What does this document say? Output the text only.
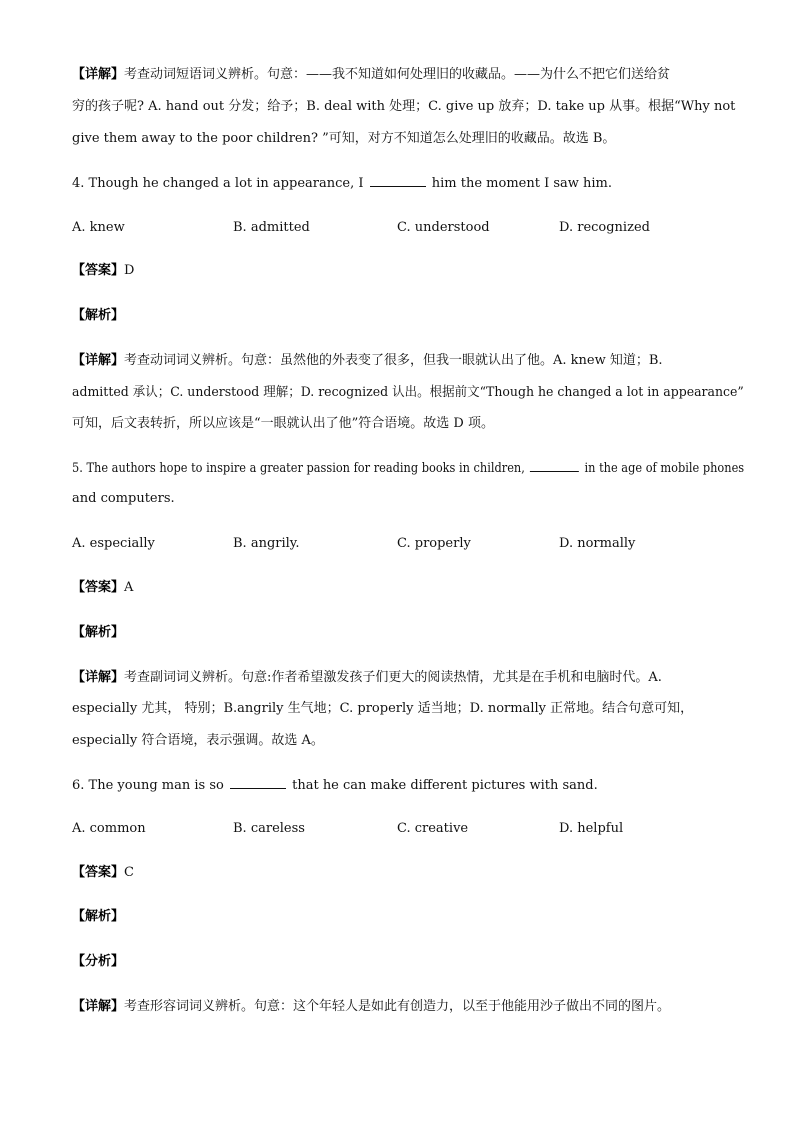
【详解】考查动词短语词义辨析。句意：——我不知道如何处理旧的收藏品。——为什么不把它们送给贫
穷的孩子呢? A. hand out 分发；给予；B. deal with 处理；C. give up 放弃；D. take up 从事。根据“Why not
give them away to the poor children? ”可知，对方不知道怎么处理旧的收藏品。故选 B。
4. Though he changed a lot in appearance, I	him the moment I saw him.
A. knew	B. admitted	C. understood	D. recognized
【答案】D
【解析】
【详解】考查动词词义辨析。句意：虽然他的外表变了很多，但我一眼就认出了他。A. knew 知道；B.
admitted 承认；C. understood 理解；D. recognized 认出。根据前文“Though he changed a lot in appearance”
可知，后文表转折，所以应该是“一眼就认出了他”符合语境。故选 D 项。
5. The authors hope to inspire a greater passion for reading books in children,	in the age of mobile phones
and computers.
A. especially	B. angrily.	C. properly	D. normally
【答案】A
【解析】
【详解】考查副词词义辨析。句意:作者希望激发孩子们更大的阅读热情，尤其是在手机和电脑时代。A.
especially 尤其， 特别；B.angrily 生气地；C. properly 适当地；D. normally 正常地。结合句意可知，
especially 符合语境，表示强调。故选 A。
6. The young man is so	that he can make different pictures with sand.
A. common	B. careless	C. creative	D. helpful
【答案】C
【解析】
【分析】
【详解】考查形容词词义辨析。句意：这个年轻人是如此有创造力，以至于他能用沙子做出不同的图片。
